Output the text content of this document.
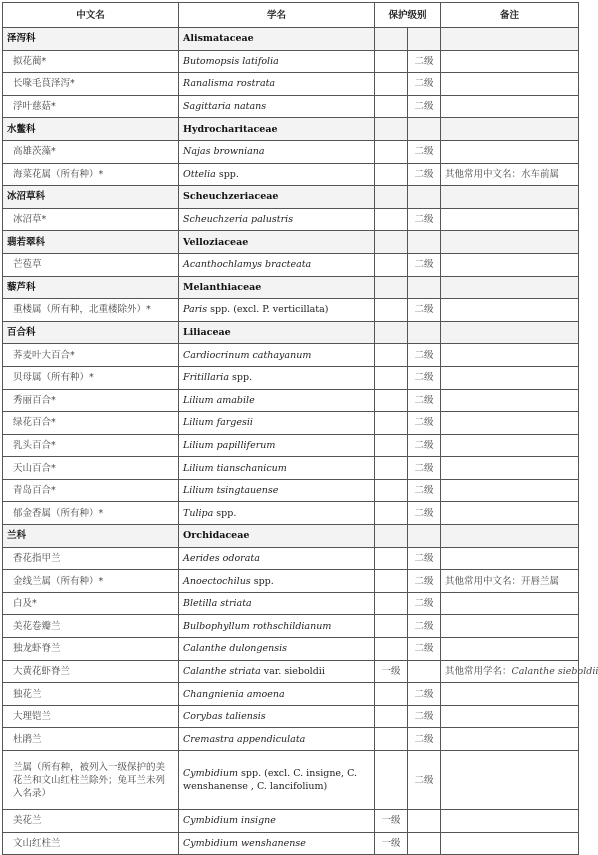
中文名	学名	保护级别		备注
泽泻科	Alismataceae			
拟花蔺*	Butomopsis latifolia		二级	
长喙毛茛泽泻*	Ranalisma rostrata		二级	
浮叶慈菇*	Sagittaria natans		二级	
水鳖科	Hydrocharitaceae			
高雄茨藻*	Najas browniana		二级	
海菜花属（所有种）*	Ottelia spp.		二级	其他常用中文名：水车前属
冰沼草科	Scheuchzeriaceae			
冰沼草*	Scheuchzeria palustris		二级	
翡若翠科	Velloziaceae			
芒苞草	Acanthochlamys bracteata		二级	
藜芦科	Melanthiaceae			
重楼属（所有种，北重楼除外）*	Paris spp. (excl. P. verticillata)		二级	
百合科	Liliaceae			
荞麦叶大百合*	Cardiocrinum cathayanum		二级	
贝母属（所有种）*	Fritillaria spp.		二级	
秀丽百合*	Lilium amabile		二级	
绿花百合*	Lilium fargesii		二级	
乳头百合*	Lilium papilliferum		二级	
天山百合*	Lilium tianschanicum		二级	
青岛百合*	Lilium tsingtauense		二级	
郁金香属（所有种）*	Tulipa spp.		二级	
兰科	Orchidaceae			
香花指甲兰	Aerides odorata		二级	
金线兰属（所有种）*	Anoectochilus spp.		二级	其他常用中文名：开唇兰属
白及*	Bletilla striata		二级	
美花卷瓣兰	Bulbophyllum rothschildianum		二级	
独龙虾脊兰	Calanthe dulongensis		二级	
大黄花虾脊兰	Calanthe striata var. sieboldii	一级		其他常用学名：Calanthe sieboldii
独花兰	Changnienia amoena		二级	
大理铠兰	Corybas taliensis		二级	
杜鹃兰	Cremastra appendiculata		二级	
兰属（所有种，被列入一级保护的美花兰和文山红柱兰除外；兔耳兰未列入名录）	Cymbidium spp. (excl. C. insigne, C. wenshanense , C. lancifolium)		二级	
美花兰	Cymbidium insigne	一级		
文山红柱兰	Cymbidium wenshanense	一级		
